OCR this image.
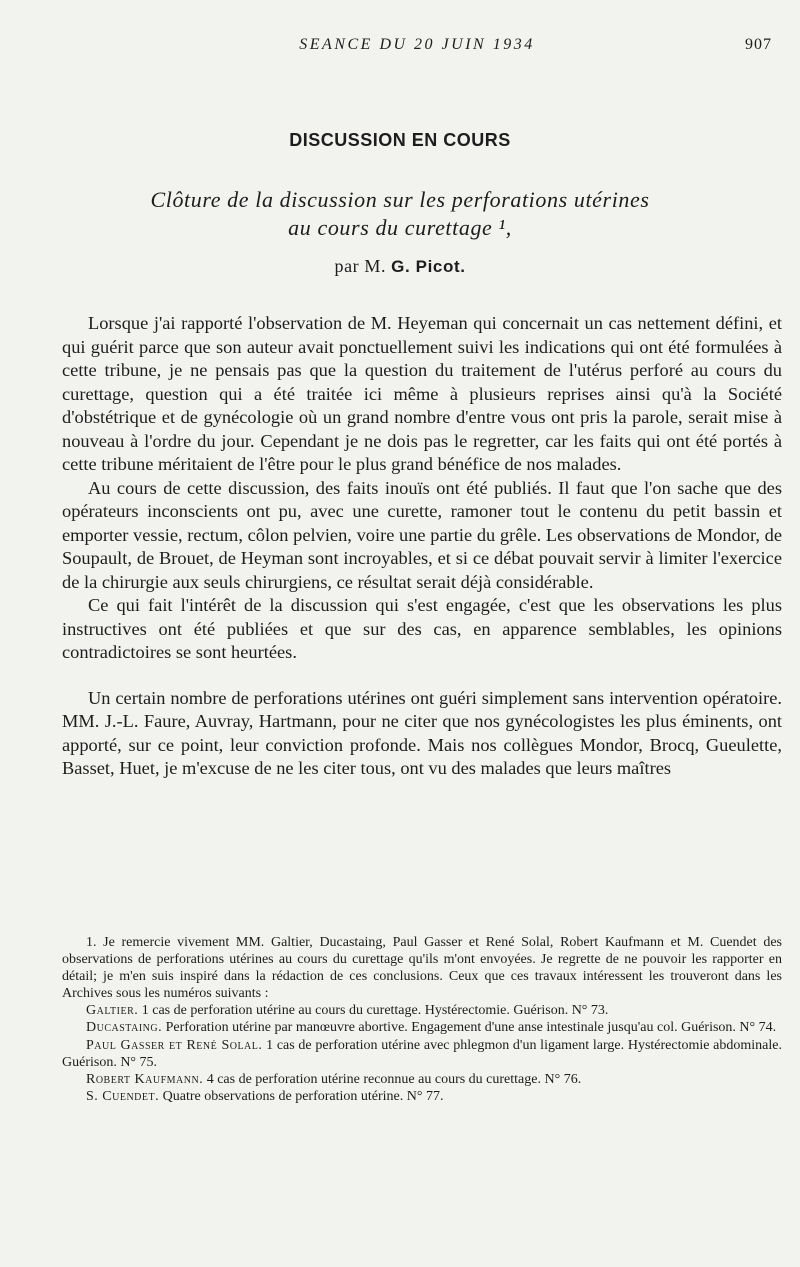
SEANCE DU 20 JUIN 1934	907
DISCUSSION EN COURS
Clôture de la discussion sur les perforations utérines
au cours du curettage ¹,
par M. G. Picot.

Lorsque j'ai rapporté l'observation de M. Heyeman qui concernait un cas nettement défini, et qui guérit parce que son auteur avait ponctuellement suivi les indications qui ont été formulées à cette tribune, je ne pensais pas que la question du traitement de l'utérus perforé au cours du curettage, question qui a été traitée ici même à plusieurs reprises ainsi qu'à la Société d'obstétrique et de gynécologie où un grand nombre d'entre vous ont pris la parole, serait mise à nouveau à l'ordre du jour. Cependant je ne dois pas le regretter, car les faits qui ont été portés à cette tribune méritaient de l'être pour le plus grand bénéfice de nos malades.

Au cours de cette discussion, des faits inouïs ont été publiés. Il faut que l'on sache que des opérateurs inconscients ont pu, avec une curette, ramoner tout le contenu du petit bassin et emporter vessie, rectum, côlon pelvien, voire une partie du grêle. Les observations de Mondor, de Soupault, de Brouet, de Heyman sont incroyables, et si ce débat pouvait servir à limiter l'exercice de la chirurgie aux seuls chirurgiens, ce résultat serait déjà considérable.

Ce qui fait l'intérêt de la discussion qui s'est engagée, c'est que les observations les plus instructives ont été publiées et que sur des cas, en apparence semblables, les opinions contradictoires se sont heurtées.

Un certain nombre de perforations utérines ont guéri simplement sans intervention opératoire. MM. J.-L. Faure, Auvray, Hartmann, pour ne citer que nos gynécologistes les plus éminents, ont apporté, sur ce point, leur conviction profonde. Mais nos collègues Mondor, Brocq, Gueulette, Basset, Huet, je m'excuse de ne les citer tous, ont vu des malades que leurs maîtres

1. Je remercie vivement MM. Galtier, Ducastaing, Paul Gasser et René Solal, Robert Kaufmann et M. Cuendet des observations de perforations utérines au cours du curettage qu'ils m'ont envoyées. Je regrette de ne pouvoir les rapporter en détail; je m'en suis inspiré dans la rédaction de ces conclusions. Ceux que ces travaux intéressent les trouveront dans les Archives sous les numéros suivants :

Galtier. 1 cas de perforation utérine au cours du curettage. Hystérectomie. Guérison. N° 73.

Ducastaing. Perforation utérine par manœuvre abortive. Engagement d'une anse intestinale jusqu'au col. Guérison. N° 74.

Paul Gasser et René Solal. 1 cas de perforation utérine avec phlegmon d'un ligament large. Hystérectomie abdominale. Guérison. N° 75.

Robert Kaufmann. 4 cas de perforation utérine reconnue au cours du curettage. N° 76.

S. Cuendet. Quatre observations de perforation utérine. N° 77.
